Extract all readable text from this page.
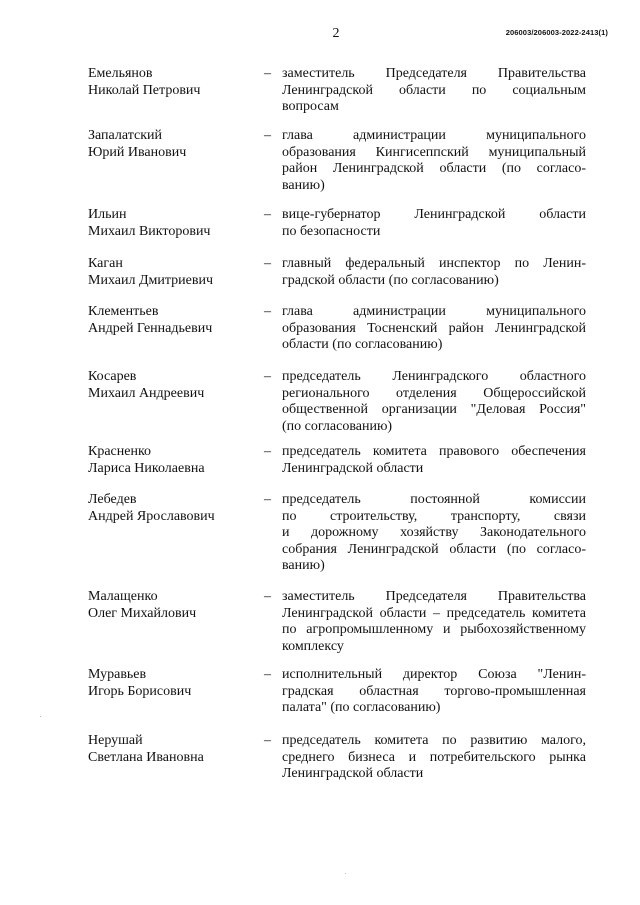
2	206003/206003-2022-2413(1)
Емельянов
Николай Петрович
– заместитель Председателя Правительства
Ленинградской области по социальным
вопросам
Запалатский
Юрий Иванович
– глава администрации муниципального
образования Кингисеппский муниципальный
район Ленинградской области (по согласо-
ванию)
Ильин
Михаил Викторович
– вице-губернатор Ленинградской области
по безопасности
Каган
Михаил Дмитриевич
– главный федеральный инспектор по Ленин-
градской области (по согласованию)
Клементьев
Андрей Геннадьевич
– глава администрации муниципального
образования Тосненский район Ленинградской
области (по согласованию)
Косарев
Михаил Андреевич
– председатель Ленинградского областного
регионального отделения Общероссийской
общественной организации "Деловая Россия"
(по согласованию)
Красненко
Лариса Николаевна
– председатель комитета правового обеспечения
Ленинградской области
Лебедев
Андрей Ярославович
– председатель постоянной комиссии
по строительству, транспорту, связи
и дорожному хозяйству Законодательного
собрания Ленинградской области (по согласо-
ванию)
Малащенко
Олег Михайлович
– заместитель Председателя Правительства
Ленинградской области – председатель комитета
по агропромышленному и рыбохозяйственному
комплексу
Муравьев
Игорь Борисович
– исполнительный директор Союза "Ленин-
градская областная торгово-промышленная
палата" (по согласованию)
Нерушай
Светлана Ивановна
– председатель комитета по развитию малого,
среднего бизнеса и потребительского рынка
Ленинградской области
